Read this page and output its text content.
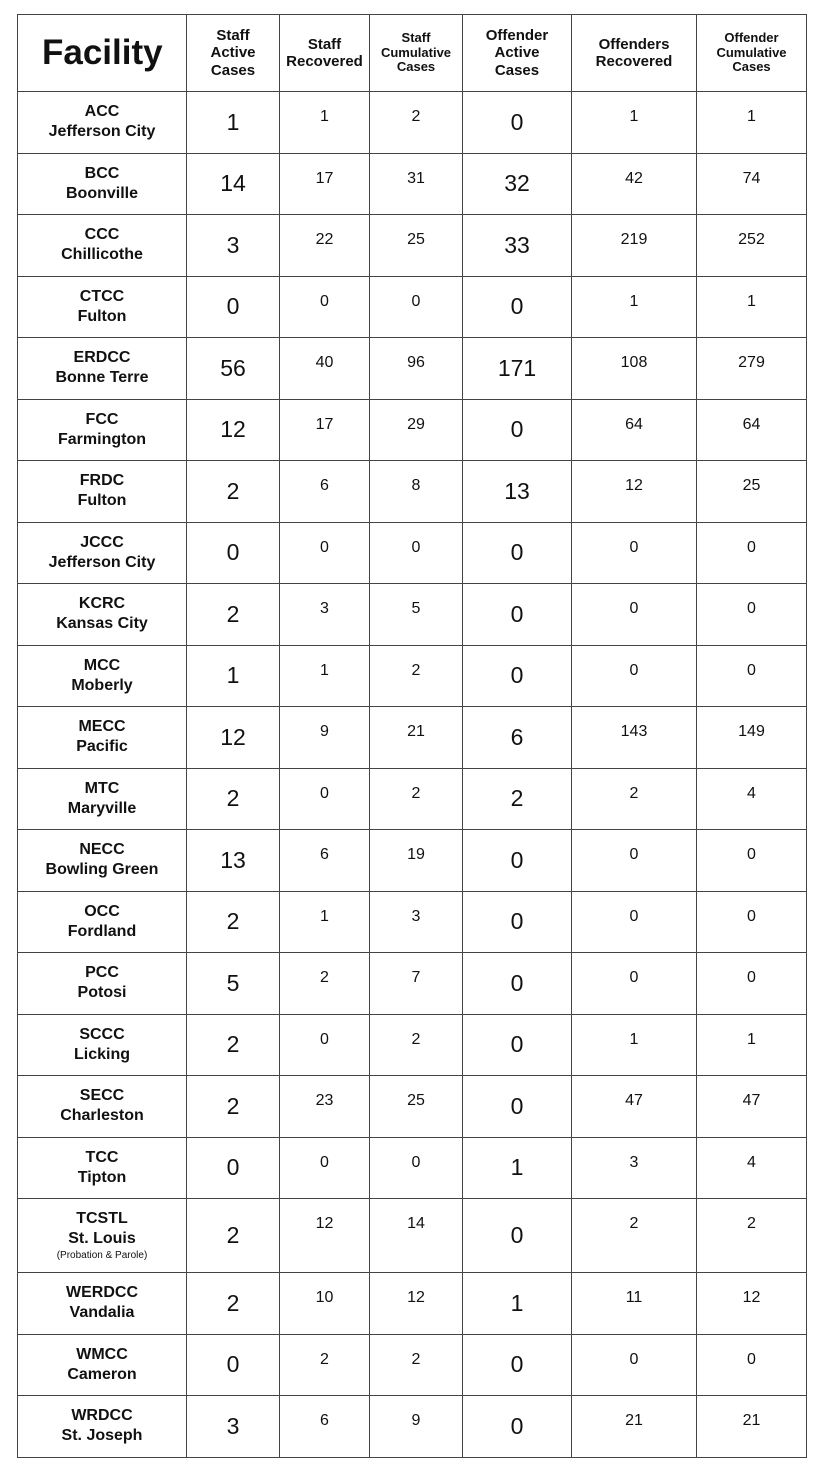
Facility	Staff
Active
Cases	Staff
Recovered	Staff
Cumulative
Cases	Offender
Active
Cases	Offenders
Recovered	Offender
Cumulative
Cases

ACC
Jefferson City	1	1	2	0	1	1

BCC
Boonville	14	17	31	32	42	74

CCC
Chillicothe	3	22	25	33	219	252

CTCC
Fulton	0	0	0	0	1	1

ERDCC
Bonne Terre	56	40	96	171	108	279

FCC
Farmington	12	17	29	0	64	64

FRDC
Fulton	2	6	8	13	12	25

JCCC
Jefferson City	0	0	0	0	0	0

KCRC
Kansas City	2	3	5	0	0	0

MCC
Moberly	1	1	2	0	0	0

MECC
Pacific	12	9	21	6	143	149

MTC
Maryville	2	0	2	2	2	4

NECC
Bowling Green	13	6	19	0	0	0

OCC
Fordland	2	1	3	0	0	0

PCC
Potosi	5	2	7	0	0	0

SCCC
Licking	2	0	2	0	1	1

SECC
Charleston	2	23	25	0	47	47

TCC
Tipton	0	0	0	1	3	4

TCSTL
St. Louis
(Probation & Parole)	2	12	14	0	2	2

WERDCC
Vandalia	2	10	12	1	11	12

WMCC
Cameron	0	2	2	0	0	0

WRDCC
St. Joseph	3	6	9	0	21	21
